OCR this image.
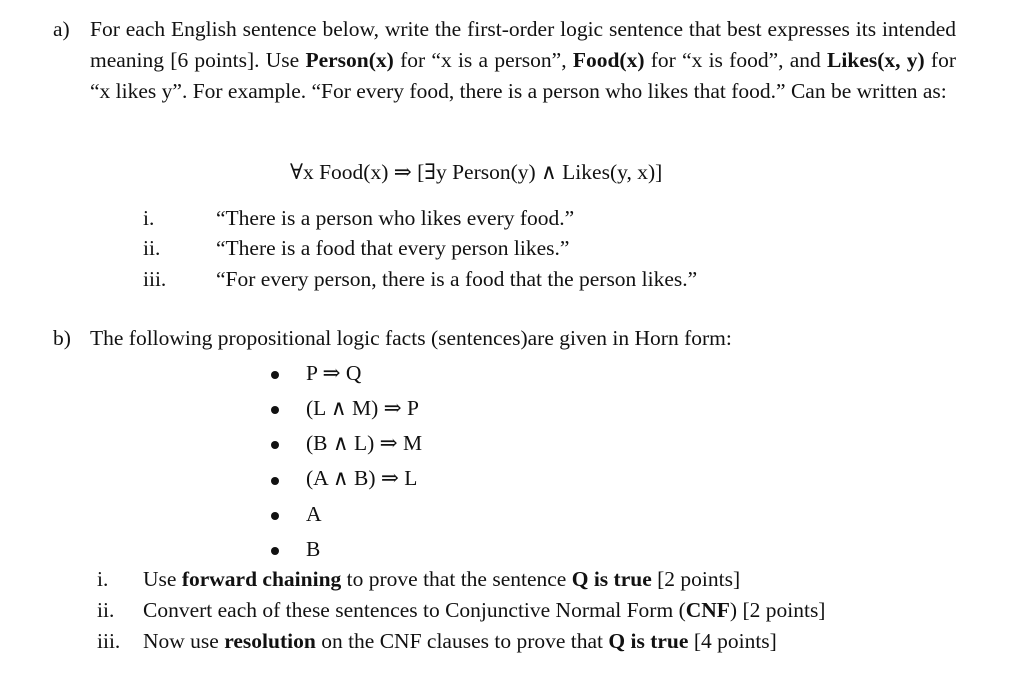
a) For each English sentence below, write the first-order logic sentence that best expresses its intended meaning [6 points]. Use Person(x) for “x is a person”, Food(x) for “x is food”, and Likes(x, y) for “x likes y”. For example. “For every food, there is a person who likes that food.” Can be written as:
∀x Food(x) ⇒ [∃y Person(y) ∧ Likes(y, x)]
i.	“There is a person who likes every food.”
ii.	“There is a food that every person likes.”
iii. “For every person, there is a food that the person likes.”
b) The following propositional logic facts (sentences)are given in Horn form:
P ⇒ Q
(L ∧ M) ⇒ P
(B ∧ L) ⇒ M
(A ∧ B) ⇒ L
A
B
i. Use forward chaining to prove that the sentence Q is true [2 points]
ii. Convert each of these sentences to Conjunctive Normal Form (CNF) [2 points]
iii. Now use resolution on the CNF clauses to prove that Q is true [4 points]
